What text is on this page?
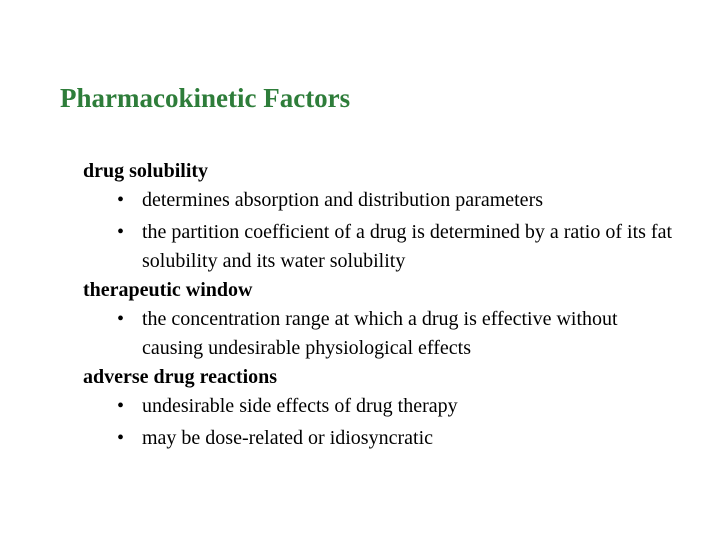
Pharmacokinetic Factors

drug solubility

• determines absorption and distribution parameters
• the partition coefficient of a drug is determined by a ratio of its fat solubility and its water solubility

therapeutic window

• the concentration range at which a drug is effective without causing undesirable physiological effects

adverse drug reactions

• undesirable side effects of drug therapy
• may be dose-related or idiosyncratic
